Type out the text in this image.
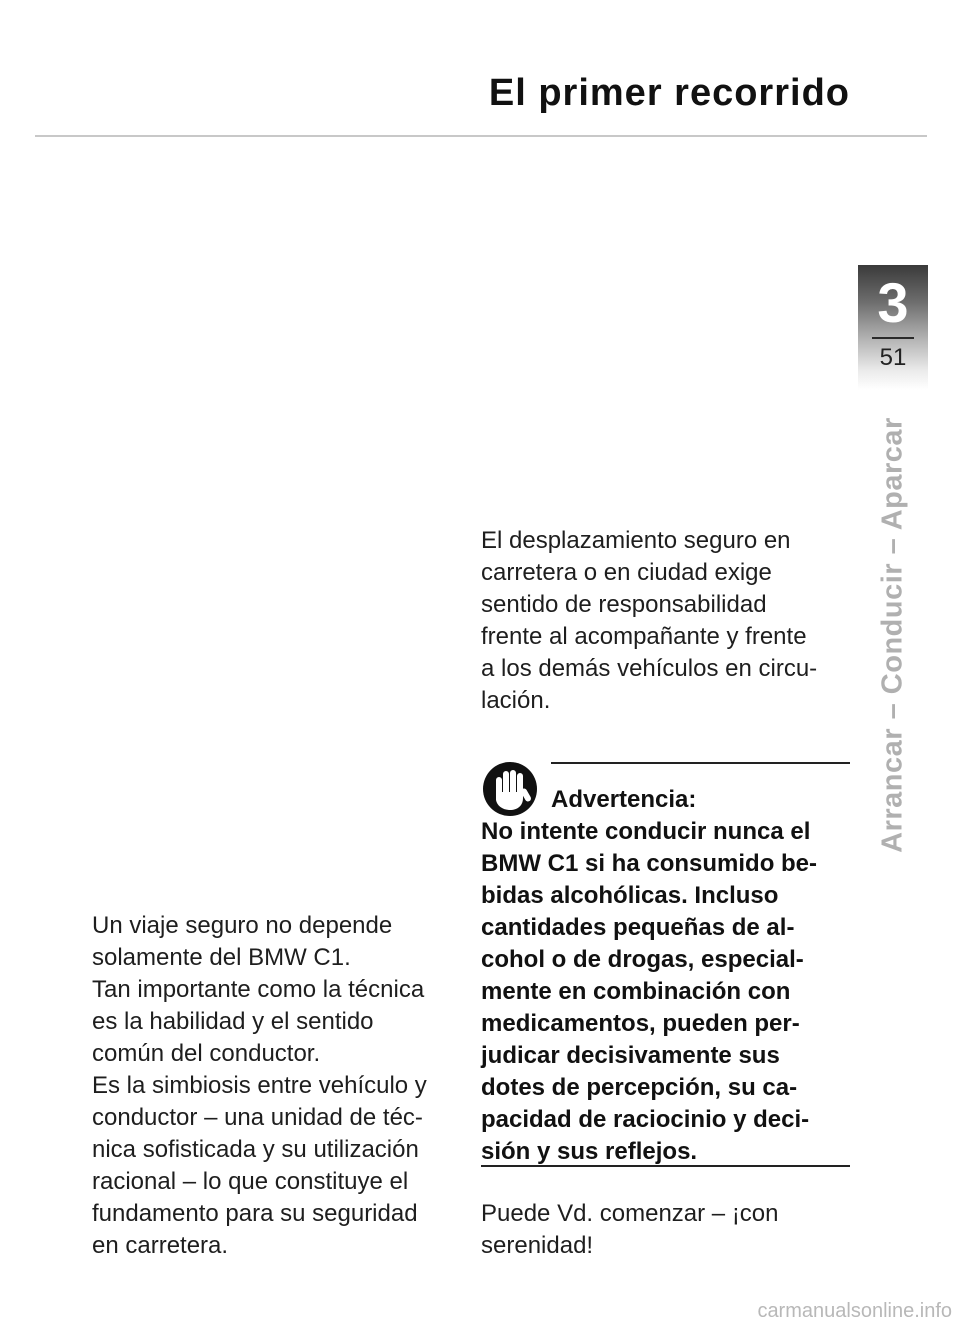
El primer recorrido
3
51
Arrancar – Conducir – Aparcar
Un viaje seguro no depende
solamente del BMW C1.
Tan importante como la técnica
es la habilidad y el sentido
común del conductor.
Es la simbiosis entre vehículo y
conductor – una unidad de téc-
nica sofisticada y su utilización
racional – lo que constituye el
fundamento para su seguridad
en carretera.
El desplazamiento seguro en
carretera o en ciudad exige
sentido de responsabilidad
frente al acompañante y frente
a los demás vehículos en circu-
lación.
Advertencia:
No intente conducir nunca el
BMW C1 si ha consumido be-
bidas alcohólicas. Incluso
cantidades pequeñas de al-
cohol o de drogas, especial-
mente en combinación con
medicamentos, pueden per-
judicar decisivamente sus
dotes de percepción, su ca-
pacidad de raciocinio y deci-
sión y sus reflejos.
Puede Vd. comenzar – ¡con
serenidad!
carmanualsonline.info
